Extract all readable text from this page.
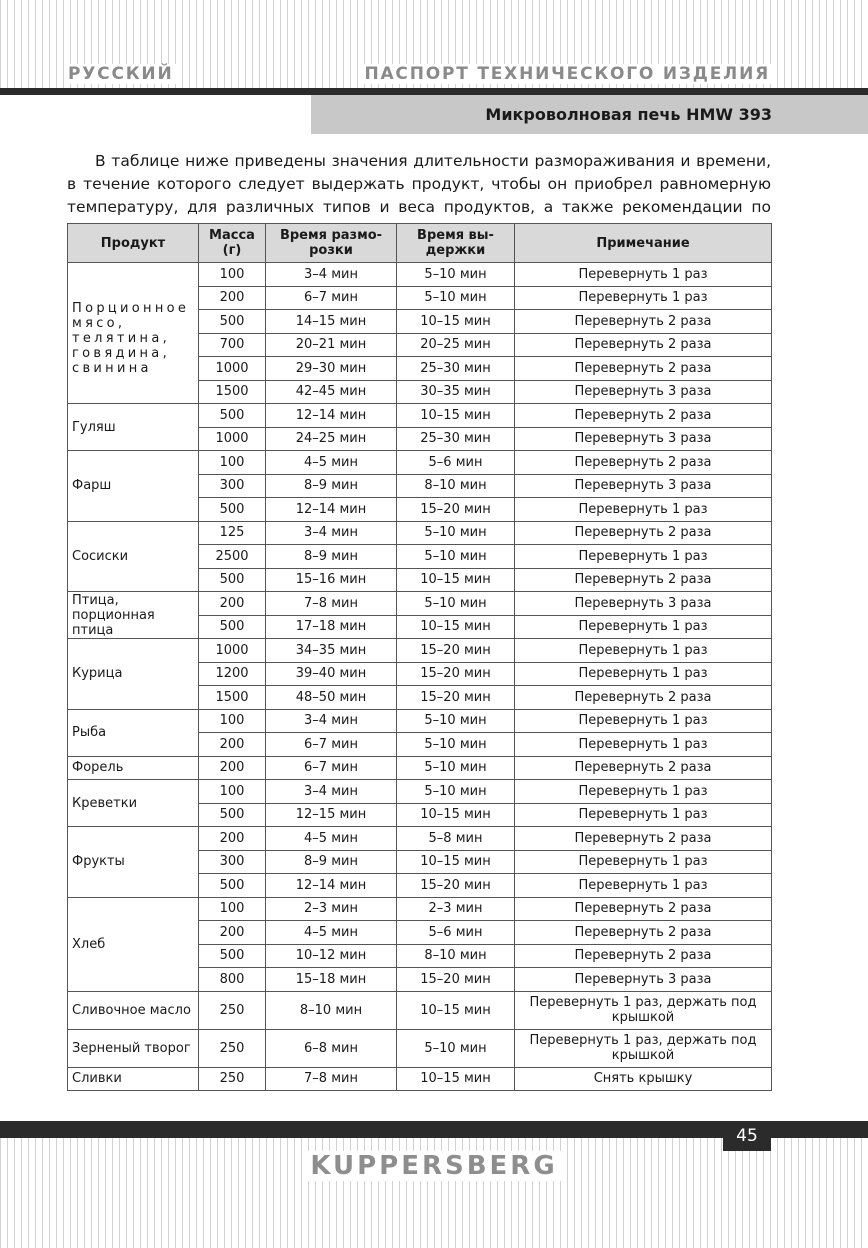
РУССКИЙ	ПАСПОРТ ТЕХНИЧЕСКОГО ИЗДЕЛИЯ
Микроволновая печь HMW 393

В таблице ниже приведены значения длительности размораживания и времени, в течение которого следует выдержать продукт, чтобы он приобрел равномерную температуру, для различных типов и веса продуктов, а также рекомендации по

Продукт	Масса (г)	Время размо-розки	Время вы-держки	Примечание
Порционное мясо, телятина, говядина, свинина	100	3–4 мин	5–10 мин	Перевернуть 1 раз
	200	6–7 мин	5–10 мин	Перевернуть 1 раз
	500	14–15 мин	10–15 мин	Перевернуть 2 раза
	700	20–21 мин	20–25 мин	Перевернуть 2 раза
	1000	29–30 мин	25–30 мин	Перевернуть 2 раза
	1500	42–45 мин	30–35 мин	Перевернуть 3 раза
Гуляш	500	12–14 мин	10–15 мин	Перевернуть 2 раза
	1000	24–25 мин	25–30 мин	Перевернуть 3 раза
Фарш	100	4–5 мин	5–6 мин	Перевернуть 2 раза
	300	8–9 мин	8–10 мин	Перевернуть 3 раза
	500	12–14 мин	15–20 мин	Перевернуть 1 раз
Сосиски	125	3–4 мин	5–10 мин	Перевернуть 2 раза
	2500	8–9 мин	5–10 мин	Перевернуть 1 раз
	500	15–16 мин	10–15 мин	Перевернуть 2 раза
Птица, порционная птица	200	7–8 мин	5–10 мин	Перевернуть 3 раза
	500	17–18 мин	10–15 мин	Перевернуть 1 раз
Курица	1000	34–35 мин	15–20 мин	Перевернуть 1 раз
	1200	39–40 мин	15–20 мин	Перевернуть 1 раз
	1500	48–50 мин	15–20 мин	Перевернуть 2 раза
Рыба	100	3–4 мин	5–10 мин	Перевернуть 1 раз
	200	6–7 мин	5–10 мин	Перевернуть 1 раз
Форель	200	6–7 мин	5–10 мин	Перевернуть 2 раза
Креветки	100	3–4 мин	5–10 мин	Перевернуть 1 раз
	500	12–15 мин	10–15 мин	Перевернуть 1 раз
Фрукты	200	4–5 мин	5–8 мин	Перевернуть 2 раза
	300	8–9 мин	10–15 мин	Перевернуть 1 раз
	500	12–14 мин	15–20 мин	Перевернуть 1 раз
Хлеб	100	2–3 мин	2–3 мин	Перевернуть 2 раза
	200	4–5 мин	5–6 мин	Перевернуть 2 раза
	500	10–12 мин	8–10 мин	Перевернуть 2 раза
	800	15–18 мин	15–20 мин	Перевернуть 3 раза
Сливочное масло	250	8–10 мин	10–15 мин	Перевернуть 1 раз, держать под крышкой
Зерненый творог	250	6–8 мин	5–10 мин	Перевернуть 1 раз, держать под крышкой
Сливки	250	7–8 мин	10–15 мин	Снять крышку
45
KUPPERSBERG
